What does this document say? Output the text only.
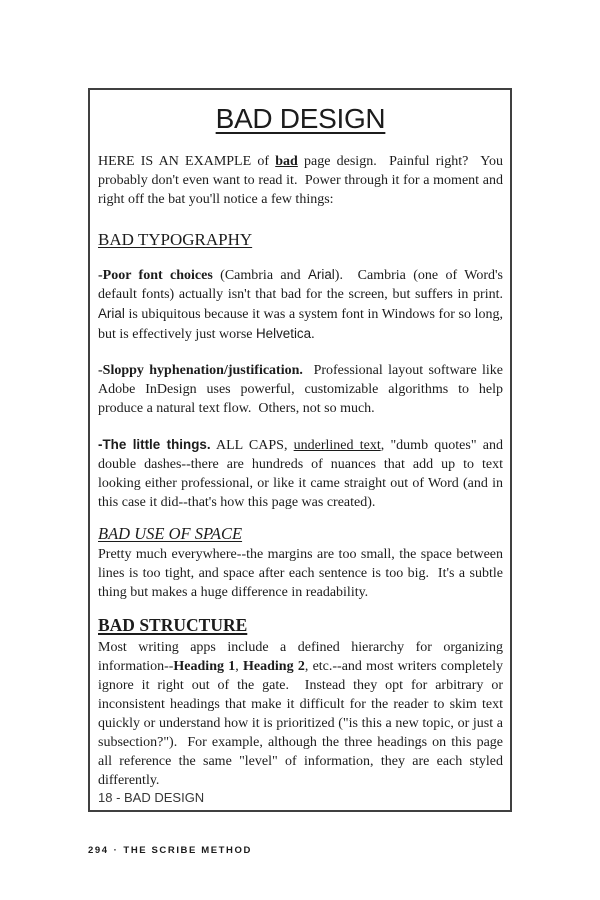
BAD DESIGN

HERE IS AN EXAMPLE of bad page design.  Painful right?  You probably don't even want to read it.  Power through it for a moment and right off the bat you'll notice a few things:

BAD TYPOGRAPHY

-Poor font choices (Cambria and Arial).  Cambria (one of Word's default fonts) actually isn't that bad for the screen, but suffers in print.  Arial is ubiquitous because it was a system font in Windows for so long, but is effectively just worse Helvetica.

-Sloppy hyphenation/justification.  Professional layout software like Adobe InDesign uses powerful, customizable algorithms to help produce a natural text flow.  Others, not so much.

-The little things. ALL CAPS, underlined text, "dumb quotes" and double dashes--there are hundreds of nuances that add up to text looking either professional, or like it came straight out of Word (and in this case it did--that's how this page was created).

BAD USE OF SPACE

Pretty much everywhere--the margins are too small, the space between lines is too tight, and space after each sentence is too big.  It's a subtle thing but makes a huge difference in readability.

BAD STRUCTURE

Most writing apps include a defined hierarchy for organizing information--Heading 1, Heading 2, etc.--and most writers completely ignore it right out of the gate.  Instead they opt for arbitrary or inconsistent headings that make it difficult for the reader to skim text quickly or understand how it is prioritized ("is this a new topic, or just a subsection?").  For example, although the three headings on this page all reference the same "level" of information, they are each styled differently.

18 - BAD DESIGN
294 · THE SCRIBE METHOD
